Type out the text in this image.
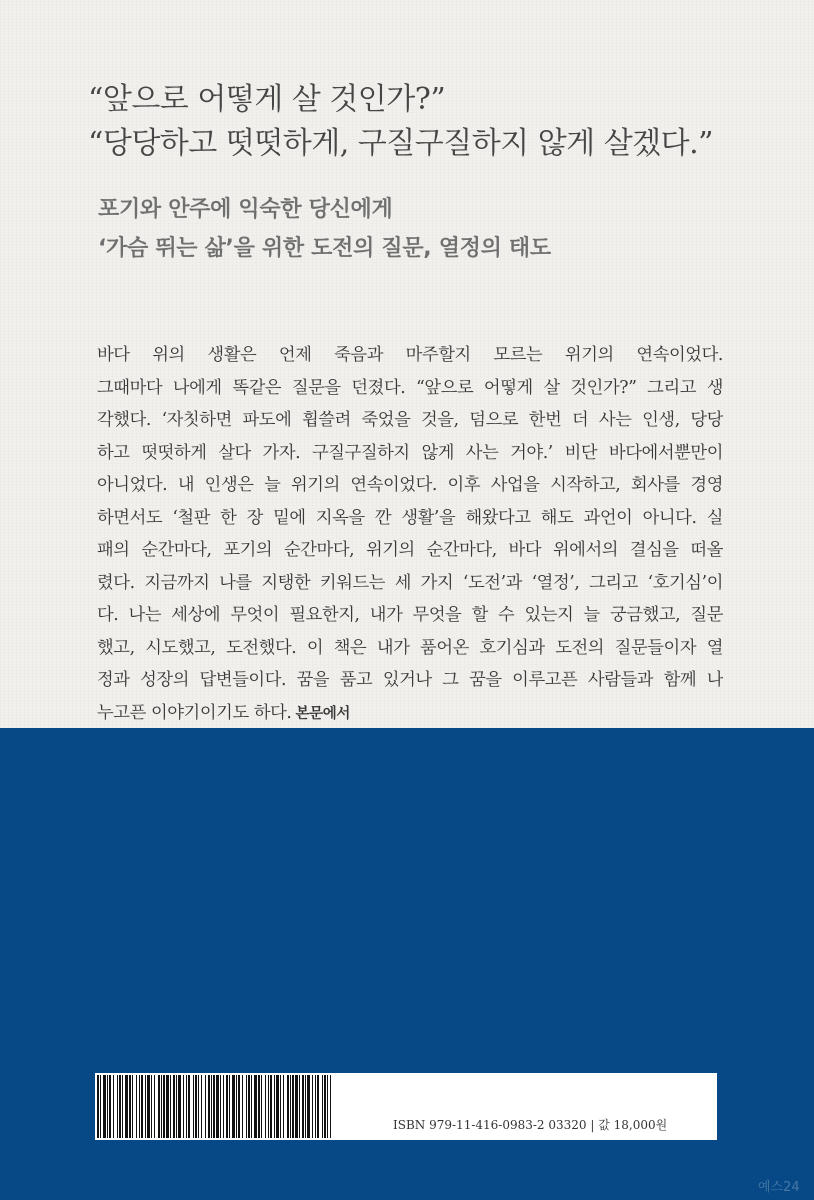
“앞으로 어떻게 살 것인가?”
“당당하고 떳떳하게, 구질구질하지 않게 살겠다.”
포기와 안주에 익숙한 당신에게
‘가슴 뛰는 삶’을 위한 도전의 질문, 열정의 태도
바다 위의 생활은 언제 죽음과 마주할지 모르는 위기의 연속이었다.
그때마다 나에게 똑같은 질문을 던졌다. “앞으로 어떻게 살 것인가?” 그리고 생
각했다. ‘자칫하면 파도에 휩쓸려 죽었을 것을, 덤으로 한번 더 사는 인생, 당당
하고 떳떳하게 살다 가자. 구질구질하지 않게 사는 거야.’ 비단 바다에서뿐만이
아니었다. 내 인생은 늘 위기의 연속이었다. 이후 사업을 시작하고, 회사를 경영
하면서도 ‘철판 한 장 밑에 지옥을 깐 생활’을 해왔다고 해도 과언이 아니다. 실
패의 순간마다, 포기의 순간마다, 위기의 순간마다, 바다 위에서의 결심을 떠올
렸다. 지금까지 나를 지탱한 키워드는 세 가지 ‘도전’과 ‘열정’, 그리고 ‘호기심’이
다. 나는 세상에 무엇이 필요한지, 내가 무엇을 할 수 있는지 늘 궁금했고, 질문
했고, 시도했고, 도전했다. 이 책은 내가 품어온 호기심과 도전의 질문들이자 열
정과 성장의 답변들이다. 꿈을 품고 있거나 그 꿈을 이루고픈 사람들과 함께 나
누고픈 이야기이기도 하다. 본문에서
ISBN 979-11-416-0983-2 03320 | 값 18,000원
예스24
